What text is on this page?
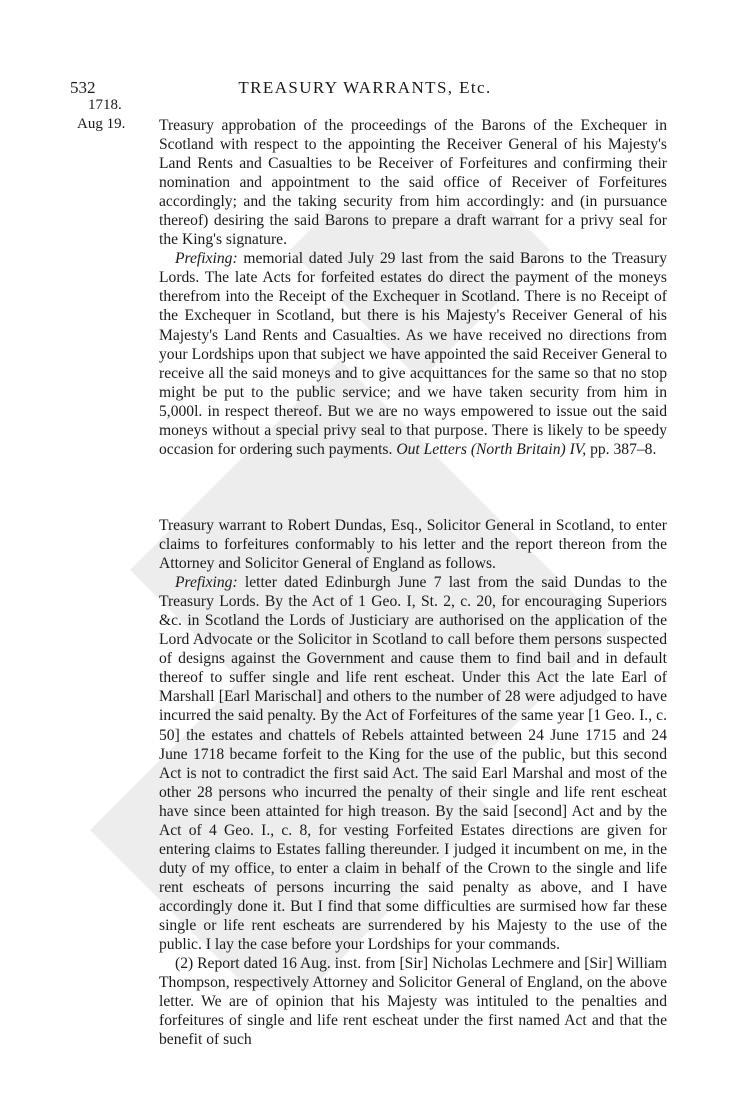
532	TREASURY WARRANTS, Etc.
1718.
Aug 19. Treasury approbation of the proceedings of the Barons of the Exchequer in Scotland with respect to the appointing the Receiver General of his Majesty's Land Rents and Casualties to be Receiver of Forfeitures and confirming their nomination and appointment to the said office of Receiver of Forfeitures accordingly; and the taking security from him accordingly: and (in pursuance thereof) desiring the said Barons to prepare a draft warrant for a privy seal for the King's signature.

Prefixing: memorial dated July 29 last from the said Barons to the Treasury Lords. The late Acts for forfeited estates do direct the payment of the moneys therefrom into the Receipt of the Exchequer in Scotland. There is no Receipt of the Exchequer in Scotland, but there is his Majesty's Receiver General of his Majesty's Land Rents and Casualties. As we have received no directions from your Lordships upon that subject we have appointed the said Receiver General to receive all the said moneys and to give acquittances for the same so that no stop might be put to the public service; and we have taken security from him in 5,000l. in respect thereof. But we are no ways empowered to issue out the said moneys without a special privy seal to that purpose. There is likely to be speedy occasion for ordering such payments. Out Letters (North Britain) IV, pp. 387–8.

Treasury warrant to Robert Dundas, Esq., Solicitor General in Scotland, to enter claims to forfeitures conformably to his letter and the report thereon from the Attorney and Solicitor General of England as follows.

Prefixing: letter dated Edinburgh June 7 last from the said Dundas to the Treasury Lords. By the Act of 1 Geo. I, St. 2, c. 20, for encouraging Superiors &c. in Scotland the Lords of Justiciary are authorised on the application of the Lord Advocate or the Solicitor in Scotland to call before them persons suspected of designs against the Government and cause them to find bail and in default thereof to suffer single and life rent escheat. Under this Act the late Earl of Marshall [Earl Marischal] and others to the number of 28 were adjudged to have incurred the said penalty. By the Act of Forfeitures of the same year [1 Geo. I., c. 50] the estates and chattels of Rebels attainted between 24 June 1715 and 24 June 1718 became forfeit to the King for the use of the public, but this second Act is not to contradict the first said Act. The said Earl Marshal and most of the other 28 persons who incurred the penalty of their single and life rent escheat have since been attainted for high treason. By the said [second] Act and by the Act of 4 Geo. I., c. 8, for vesting Forfeited Estates directions are given for entering claims to Estates falling thereunder. I judged it incumbent on me, in the duty of my office, to enter a claim in behalf of the Crown to the single and life rent escheats of persons incurring the said penalty as above, and I have accordingly done it. But I find that some difficulties are surmised how far these single or life rent escheats are surrendered by his Majesty to the use of the public. I lay the case before your Lordships for your commands.

(2) Report dated 16 Aug. inst. from [Sir] Nicholas Lechmere and [Sir] William Thompson, respectively Attorney and Solicitor General of England, on the above letter. We are of opinion that his Majesty was intituled to the penalties and forfeitures of single and life rent escheat under the first named Act and that the benefit of such
